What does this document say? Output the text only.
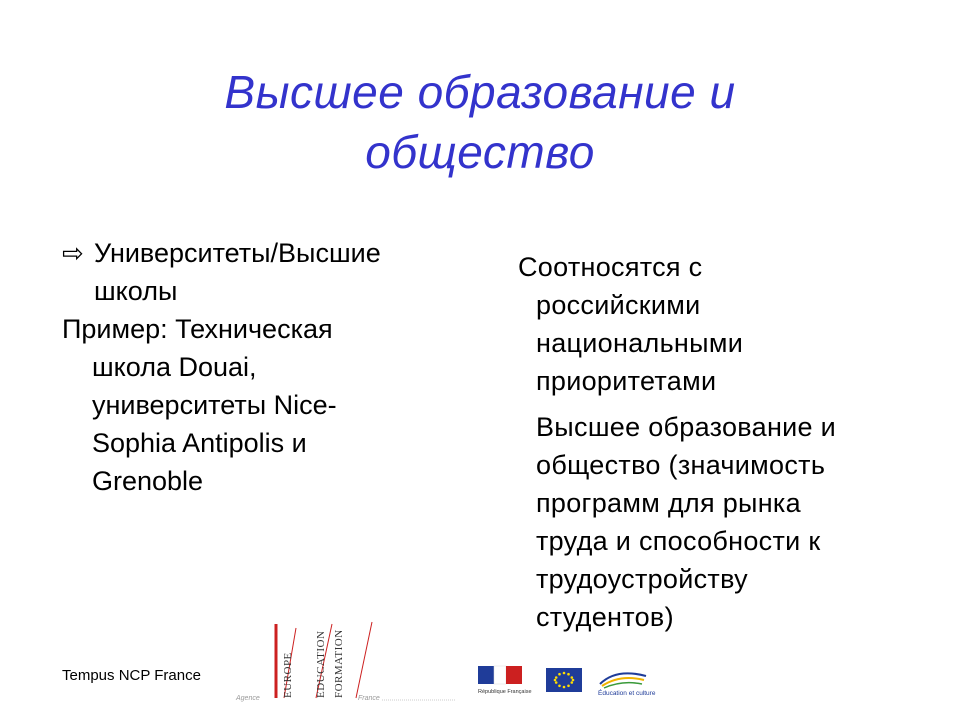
Высшее образование и
общество
⇨ Университеты/Высшие
школы
Пример: Техническая
школа Douai,
университеты Nice-
Sophia Antipolis и
Grenoble
Соотносятся с
российскими
национальными
приоритетами
Высшее образование и
общество (значимость
программ для рынка
труда и способности к
трудоустройству
студентов)
Tempus NCP France
Agence
EUROPE EDUCATION FORMATION
France
République Française	Éducation et culture
